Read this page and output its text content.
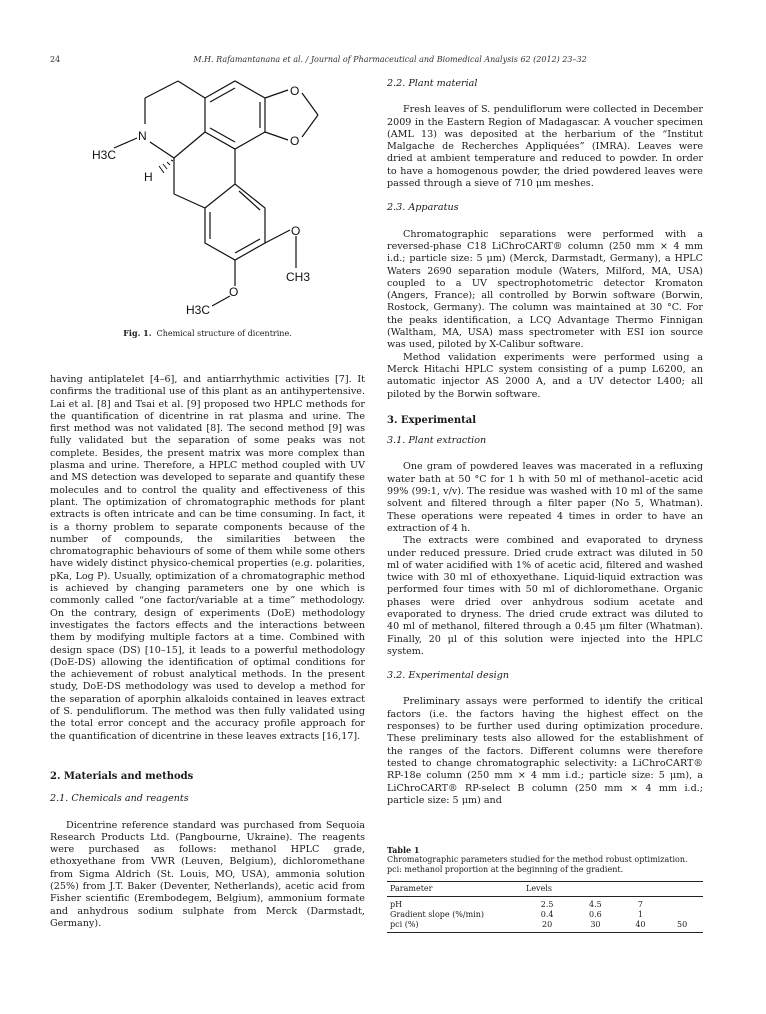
24	M.H. Rafamantanana et al. / Journal of Pharmaceutical and Biomedical Analysis 62 (2012) 23–32
O
O
N
H3C
H
O
CH3
O
H3C
Fig. 1. Chemical structure of dicentrine.

having antiplatelet [4–6], and antiarrhythmic activities [7]. It confirms the traditional use of this plant as an antihypertensive. Lai et al. [8] and Tsai et al. [9] proposed two HPLC methods for the quantification of dicentrine in rat plasma and urine. The first method was not validated [8]. The second method [9] was fully validated but the separation of some peaks was not complete. Besides, the present matrix was more complex than plasma and urine. Therefore, a HPLC method coupled with UV and MS detection was developed to separate and quantify these molecules and to control the quality and effectiveness of this plant. The optimization of chromatographic methods for plant extracts is often intricate and can be time consuming. In fact, it is a thorny problem to separate components because of the number of compounds, the similarities between the chromatographic behaviours of some of them while some others have widely distinct physico-chemical properties (e.g. polarities, pKa, Log P). Usually, optimization of a chromatographic method is achieved by changing parameters one by one which is commonly called “one factor/variable at a time” methodology. On the contrary, design of experiments (DoE) methodology investigates the factors effects and the interactions between them by modifying multiple factors at a time. Combined with design space (DS) [10–15], it leads to a powerful methodology (DoE-DS) allowing the identification of optimal conditions for the achievement of robust analytical methods. In the present study, DoE-DS methodology was used to develop a method for the separation of aporphin alkaloids contained in leaves extract of S. penduliflorum. The method was then fully validated using the total error concept and the accuracy profile approach for the quantification of dicentrine in these leaves extracts [16,17].

2. Materials and methods

2.1. Chemicals and reagents

Dicentrine reference standard was purchased from Sequoia Research Products Ltd. (Pangbourne, Ukraine). The reagents were purchased as follows: methanol HPLC grade, ethoxyethane from VWR (Leuven, Belgium), dichloromethane from Sigma Aldrich (St. Louis, MO, USA), ammonia solution (25%) from J.T. Baker (Deventer, Netherlands), acetic acid from Fisher scientific (Erembodegem, Belgium), ammonium formate and anhydrous sodium sulphate from Merck (Darmstadt, Germany).

2.2. Plant material

Fresh leaves of S. penduliflorum were collected in December 2009 in the Eastern Region of Madagascar. A voucher specimen (AML 13) was deposited at the herbarium of the “Institut Malgache de Recherches Appliquées” (IMRA). Leaves were dried at ambient temperature and reduced to powder. In order to have a homogenous powder, the dried powdered leaves were passed through a sieve of 710 μm meshes.

2.3. Apparatus

Chromatographic separations were performed with a reversed-phase C18 LiChroCART® column (250 mm × 4 mm i.d.; particle size: 5 μm) (Merck, Darmstadt, Germany), a HPLC Waters 2690 separation module (Waters, Milford, MA, USA) coupled to a UV spectrophotometric detector Kromaton (Angers, France); all controlled by Borwin software (Borwin, Rostock, Germany). The column was maintained at 30 °C. For the peaks identification, a LCQ Advantage Thermo Finnigan (Waltham, MA, USA) mass spectrometer with ESI ion source was used, piloted by X-Calibur software.

Method validation experiments were performed using a Merck Hitachi HPLC system consisting of a pump L6200, an automatic injector AS 2000 A, and a UV detector L400; all piloted by the Borwin software.

3. Experimental

3.1. Plant extraction

One gram of powdered leaves was macerated in a refluxing water bath at 50 °C for 1 h with 50 ml of methanol–acetic acid 99% (99:1, v/v). The residue was washed with 10 ml of the same solvent and filtered through a filter paper (No 5, Whatman). These operations were repeated 4 times in order to have an extraction of 4 h.

The extracts were combined and evaporated to dryness under reduced pressure. Dried crude extract was diluted in 50 ml of water acidified with 1% of acetic acid, filtered and washed twice with 30 ml of ethoxyethane. Liquid-liquid extraction was performed four times with 50 ml of dichloromethane. Organic phases were dried over anhydrous sodium acetate and evaporated to dryness. The dried crude extract was diluted to 40 ml of methanol, filtered through a 0.45 μm filter (Whatman). Finally, 20 μl of this solution were injected into the HPLC system.

3.2. Experimental design

Preliminary assays were performed to identify the critical factors (i.e. the factors having the highest effect on the responses) to be further used during optimization procedure. These preliminary tests also allowed for the establishment of the ranges of the factors. Different columns were therefore tested to change chromatographic selectivity: a LiChroCART® RP-18e column (250 mm × 4 mm i.d.; particle size: 5 μm), a LiChroCART® RP-select B column (250 mm × 4 mm i.d.; particle size: 5 μm) and

Table 1
Chromatographic parameters studied for the method robust optimization. pci: methanol proportion at the beginning of the gradient.
Parameter	Levels			
pH	2.5	4.5	7	
Gradient slope (%/min)	0.4	0.6	1	
pci (%)	20	30	40	50
